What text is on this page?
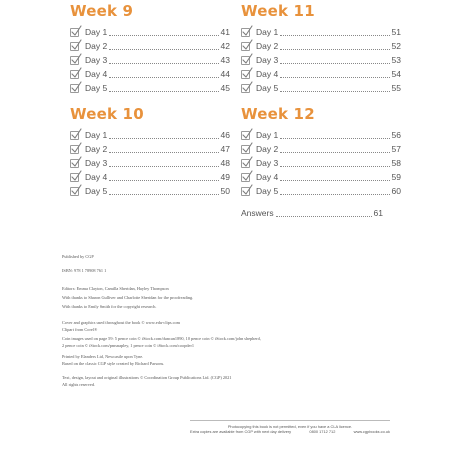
Week 9
Day 1	41
Day 2	42
Day 3	43
Day 4	44
Day 5	45
Week 11
Day 1	51
Day 2	52
Day 3	53
Day 4	54
Day 5	55
Week 10
Day 1	46
Day 2	47
Day 3	48
Day 4	49
Day 5	50
Week 12
Day 1	56
Day 2	57
Day 3	58
Day 4	59
Day 5	60
Answers	61
Published by CGP
ISBN: 978 1 78908 761 1
Editors: Emma Clayton, Camilla Sheridan, Hayley Thompson
With thanks to Sharon Gulliver and Charlotte Sheridan for the proofreading.
With thanks to Emily Smith for the copyright research.
Cover and graphics used throughout the book © www.edu-clips.com
Clipart from Corel®
Coin images used on page 59: 5 pence coin © iStock.com/duncan1890, 10 pence coin © iStock.com/john shepherd,
2 pence coin © iStock.com/pmsnapley, 1 pence coin © iStock.com/coopder1
Printed by Elanders Ltd, Newcastle upon Tyne.
Based on the classic CGP style created by Richard Parsons.
Text, design, layout and original illustrations © Coordination Group Publications Ltd. (CGP) 2021
All rights reserved.
Photocopying this book is not permitted, even if you have a CLA licence.
Extra copies are available from CGP with next day delivery	0800 1712 712	www.cgpbooks.co.uk
